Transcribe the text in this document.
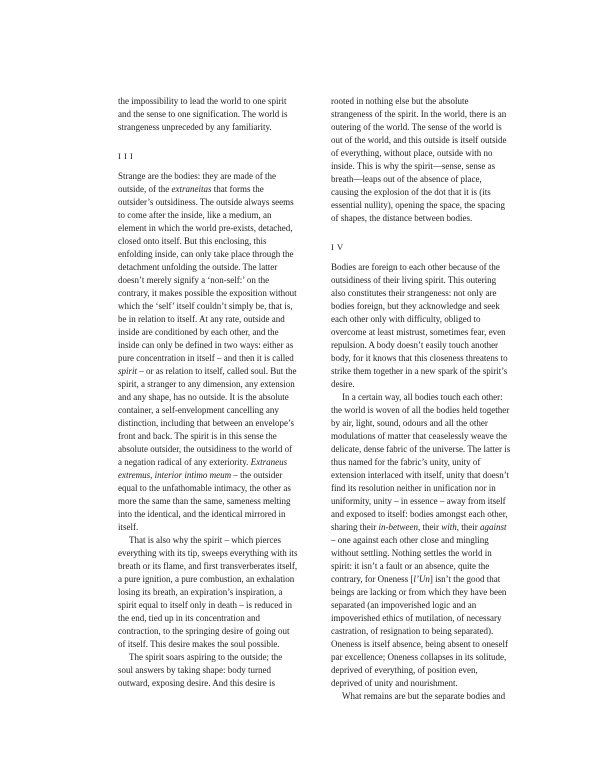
the impossibility to lead the world to one spirit and the sense to one signification. The world is strangeness unpreceded by any familiarity.

III

Strange are the bodies: they are made of the outside, of the extraneitas that forms the outsider’s outsidiness. The outside always seems to come after the inside, like a medium, an element in which the world pre-exists, detached, closed onto itself. But this enclosing, this enfolding inside, can only take place through the detachment unfolding the outside. The latter doesn’t merely signify a ‘non-self:’ on the contrary, it makes possible the exposition without which the ‘self’ itself couldn’t simply be, that is, be in relation to itself. At any rate, outside and inside are conditioned by each other, and the inside can only be defined in two ways: either as pure concentration in itself – and then it is called spirit – or as relation to itself, called soul. But the spirit, a stranger to any dimension, any extension and any shape, has no outside. It is the absolute container, a self-envelopment cancelling any distinction, including that between an envelope’s front and back. The spirit is in this sense the absolute outsider, the outsidiness to the world of a negation radical of any exteriority. Extraneus extremus, interior intimo meum – the outsider equal to the unfathomable intimacy, the other as more the same than the same, sameness melting into the identical, and the identical mirrored in itself.

That is also why the spirit – which pierces everything with its tip, sweeps everything with its breath or its flame, and first transverberates itself, a pure ignition, a pure combustion, an exhalation losing its breath, an expiration’s inspiration, a spirit equal to itself only in death – is reduced in the end, tied up in its concentration and contraction, to the springing desire of going out of itself. This desire makes the soul possible.

The spirit soars aspiring to the outside; the soul answers by taking shape: body turned outward, exposing desire. And this desire is

rooted in nothing else but the absolute strangeness of the spirit. In the world, there is an outering of the world. The sense of the world is out of the world, and this outside is itself outside of everything, without place, outside with no inside. This is why the spirit—sense, sense as breath—leaps out of the absence of place, causing the explosion of the dot that it is (its essential nullity), opening the space, the spacing of shapes, the distance between bodies.

IV

Bodies are foreign to each other because of the outsidiness of their living spirit. This outering also constitutes their strangeness: not only are bodies foreign, but they acknowledge and seek each other only with difficulty, obliged to overcome at least mistrust, sometimes fear, even repulsion. A body doesn’t easily touch another body, for it knows that this closeness threatens to strike them together in a new spark of the spirit’s desire.

In a certain way, all bodies touch each other: the world is woven of all the bodies held together by air, light, sound, odours and all the other modulations of matter that ceaselessly weave the delicate, dense fabric of the universe. The latter is thus named for the fabric’s unity, unity of extension interlaced with itself, unity that doesn’t find its resolution neither in unification nor in uniformity, unity – in essence – away from itself and exposed to itself: bodies amongst each other, sharing their in-between, their with, their against – one against each other close and mingling without settling. Nothing settles the world in spirit: it isn’t a fault or an absence, quite the contrary, for Oneness [l’Un] isn’t the good that beings are lacking or from which they have been separated (an impoverished logic and an impoverished ethics of mutilation, of necessary castration, of resignation to being separated). Oneness is itself absence, being absent to oneself par excellence; Oneness collapses in its solitude, deprived of everything, of position even, deprived of unity and nourishment.

What remains are but the separate bodies and
